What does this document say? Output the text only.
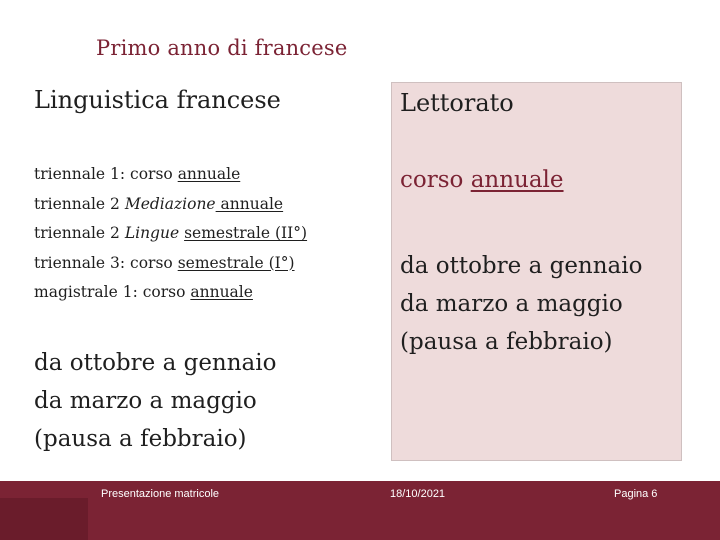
Primo anno di francese
Linguistica francese
triennale 1: corso annuale
triennale 2 Mediazione annuale
triennale 2 Lingue semestrale (II°)
triennale 3: corso semestrale (I°)
magistrale 1: corso annuale
da ottobre a gennaio
da marzo a maggio
(pausa a febbraio)
Lettorato
corso annuale
da ottobre a gennaio
da marzo a maggio
(pausa a febbraio)
Presentazione matricole	18/10/2021	Pagina 6
